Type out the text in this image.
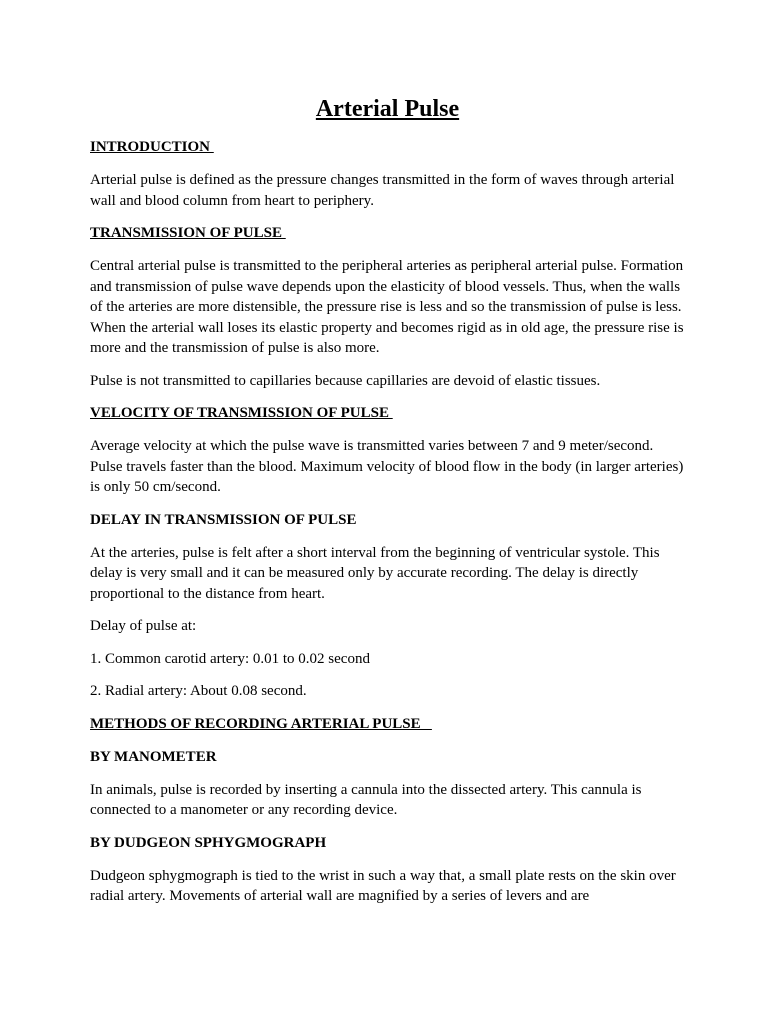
Arterial Pulse
INTRODUCTION
Arterial pulse is defined as the pressure changes transmitted in the form of waves through arterial wall and blood column from heart to periphery.
TRANSMISSION OF PULSE
Central arterial pulse is transmitted to the peripheral arteries as peripheral arterial pulse. Formation and transmission of pulse wave depends upon the elasticity of blood vessels. Thus, when the walls of the arteries are more distensible, the pressure rise is less and so the transmission of pulse is less. When the arterial wall loses its elastic property and becomes rigid as in old age, the pressure rise is more and the transmission of pulse is also more.
Pulse is not transmitted to capillaries because capillaries are devoid of elastic tissues.
VELOCITY OF TRANSMISSION OF PULSE
Average velocity at which the pulse wave is transmitted varies between 7 and 9 meter/second. Pulse travels faster than the blood. Maximum velocity of blood flow in the body (in larger arteries) is only 50 cm/second.
DELAY IN TRANSMISSION OF PULSE
At the arteries, pulse is felt after a short interval from the beginning of ventricular systole. This delay is very small and it can be measured only by accurate recording. The delay is directly proportional to the distance from heart.
Delay of pulse at:
1. Common carotid artery: 0.01 to 0.02 second
2. Radial artery: About 0.08 second.
METHODS OF RECORDING ARTERIAL PULSE
BY MANOMETER
In animals, pulse is recorded by inserting a cannula into the dissected artery. This cannula is connected to a manometer or any recording device.
BY DUDGEON SPHYGMOGRAPH
Dudgeon sphygmograph is tied to the wrist in such a way that, a small plate rests on the skin over radial artery. Movements of arterial wall are magnified by a series of levers and are
